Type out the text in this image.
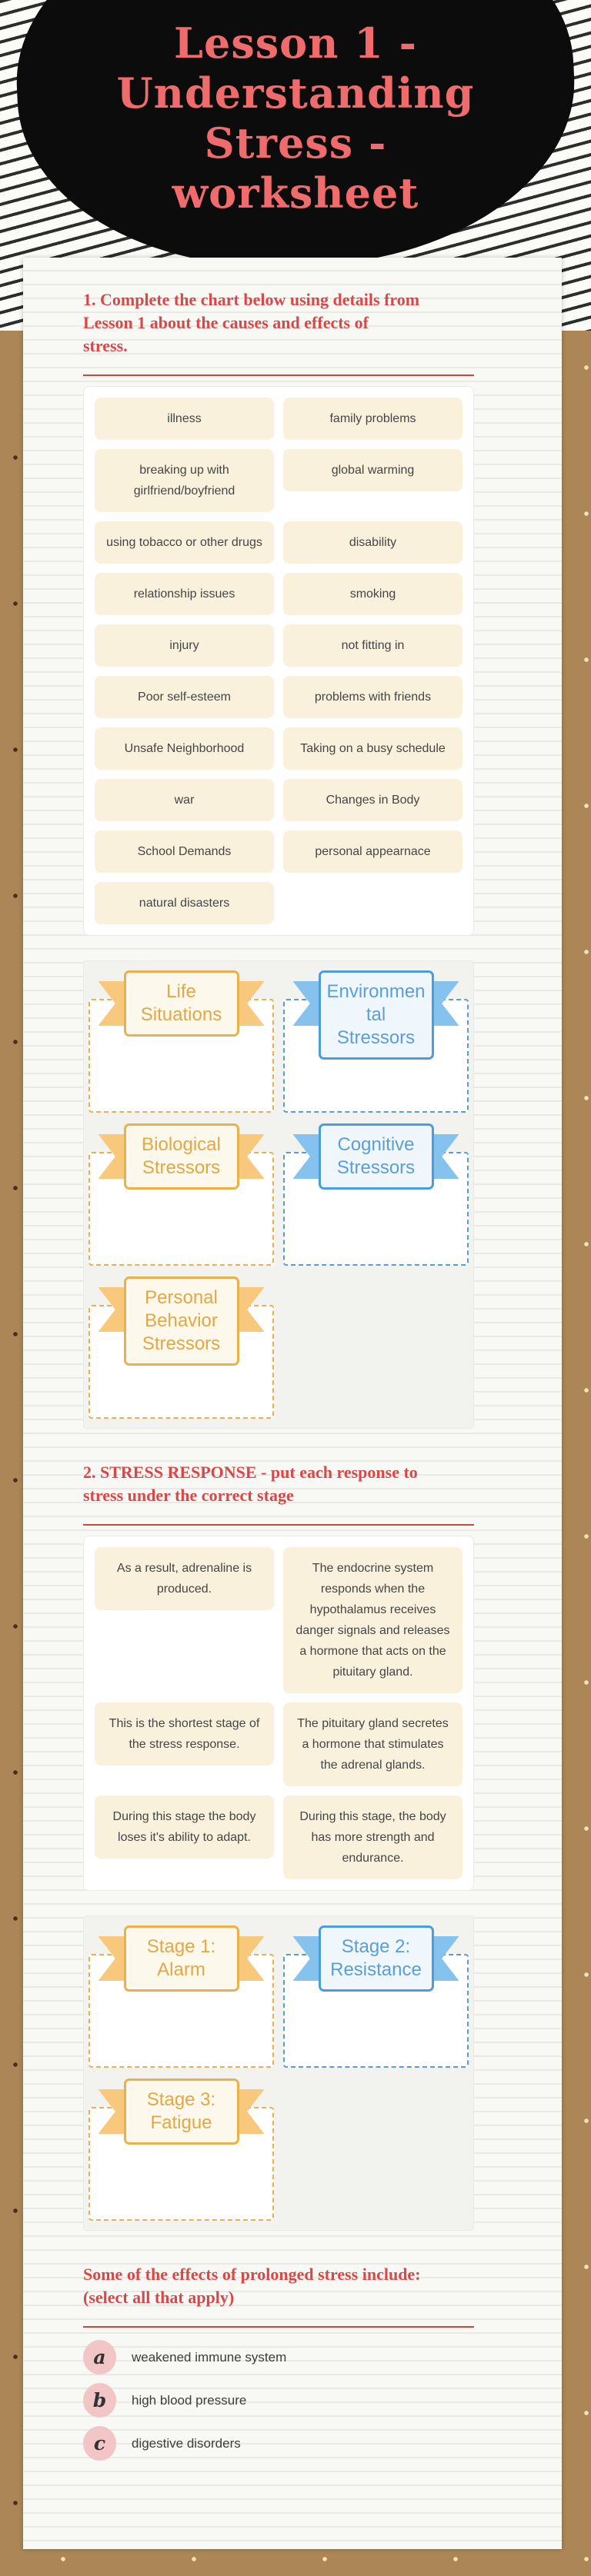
Lesson 1 -
Understanding
Stress -
worksheet
1. Complete the chart below using details from
Lesson 1 about the causes and effects of
stress.
illness	family problems
breaking up with girlfriend/boyfriend
global warming
using tobacco or other drugs	disability
relationship issues	smoking
injury	not fitting in
Poor self-esteem	problems with friends
Unsafe Neighborhood	Taking on a busy schedule
war	Changes in Body
School Demands	personal appearnace
natural disasters
Life Situations
Environmental Stressors
Biological Stressors
Cognitive Stressors
Personal Behavior Stressors
2. STRESS RESPONSE - put each response to
stress under the correct stage
As a result, adrenaline is produced.
The endocrine system responds when the hypothalamus receives danger signals and releases a hormone that acts on the pituitary gland.
This is the shortest stage of the stress response.
The pituitary gland secretes a hormone that stimulates the adrenal glands.
During this stage the body loses it's ability to adapt.
During this stage, the body has more strength and endurance.
Stage 1: Alarm
Stage 2: Resistance
Stage 3: Fatigue
Some of the effects of prolonged stress include:
(select all that apply)
a	weakened immune system
b	high blood pressure
c	digestive disorders
